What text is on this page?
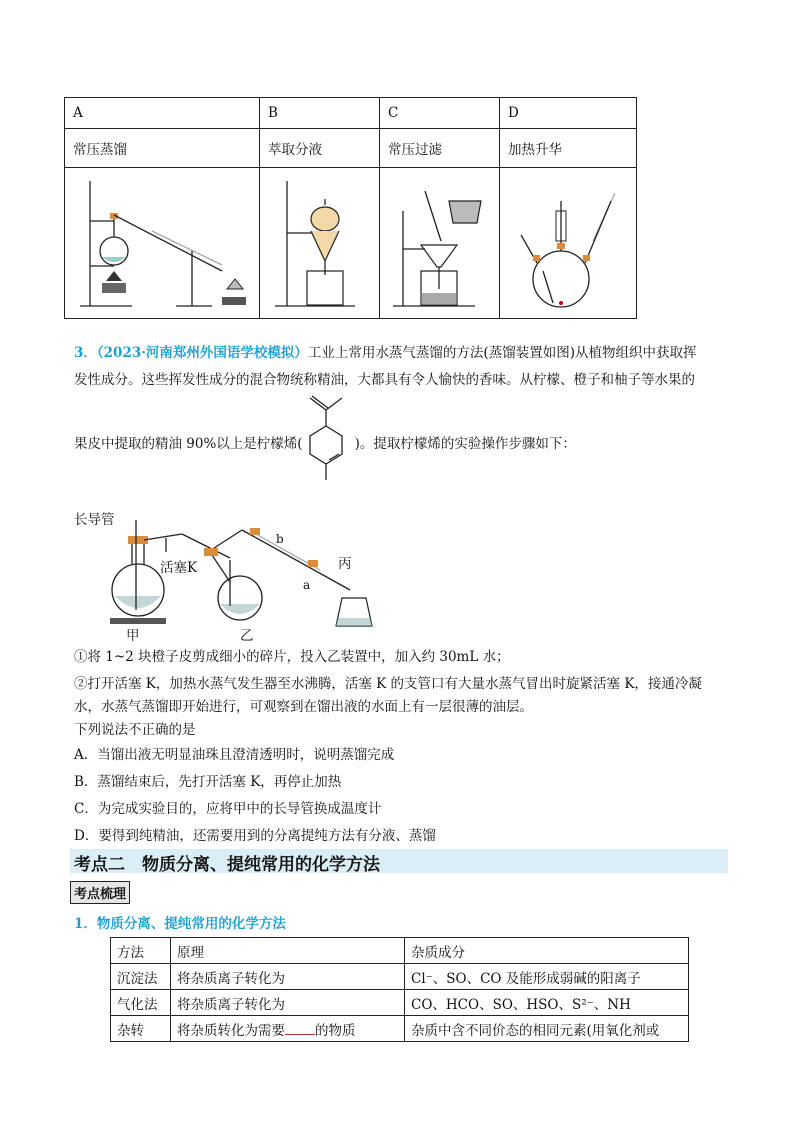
A	B	C	D
常压蒸馏	萃取分液	常压过滤	加热升华

3．（2023·河南郑州外国语学校模拟）工业上常用水蒸气蒸馏的方法(蒸馏装置如图)从植物组织中获取挥
发性成分。这些挥发性成分的混合物统称精油，大都具有令人愉快的香味。从柠檬、橙子和柚子等水果的
果皮中提取的精油 90%以上是柠檬烯(	)。提取柠檬烯的实验操作步骤如下：
长导管
活塞K
b
a
丙
甲	乙
①将 1~2 块橙子皮剪成细小的碎片，投入乙装置中，加入约 30mL 水；
②打开活塞 K，加热水蒸气发生器至水沸腾，活塞 K 的支管口有大量水蒸气冒出时旋紧活塞 K，接通冷凝
水，水蒸气蒸馏即开始进行，可观察到在馏出液的水面上有一层很薄的油层。
下列说法不正确的是
A．当馏出液无明显油珠且澄清透明时，说明蒸馏完成
B．蒸馏结束后，先打开活塞 K，再停止加热
C．为完成实验目的，应将甲中的长导管换成温度计
D．要得到纯精油，还需要用到的分离提纯方法有分液、蒸馏
考点二　物质分离、提纯常用的化学方法
考点梳理
1．物质分离、提纯常用的化学方法
方法	原理	杂质成分
沉淀法	将杂质离子转化为	Cl⁻、SO、CO 及能形成弱碱的阳离子
气化法	将杂质离子转化为	CO、HCO、SO、HSO、S²⁻、NH
杂转	将杂质转化为需要 的物质	杂质中含不同价态的相同元素(用氧化剂或
